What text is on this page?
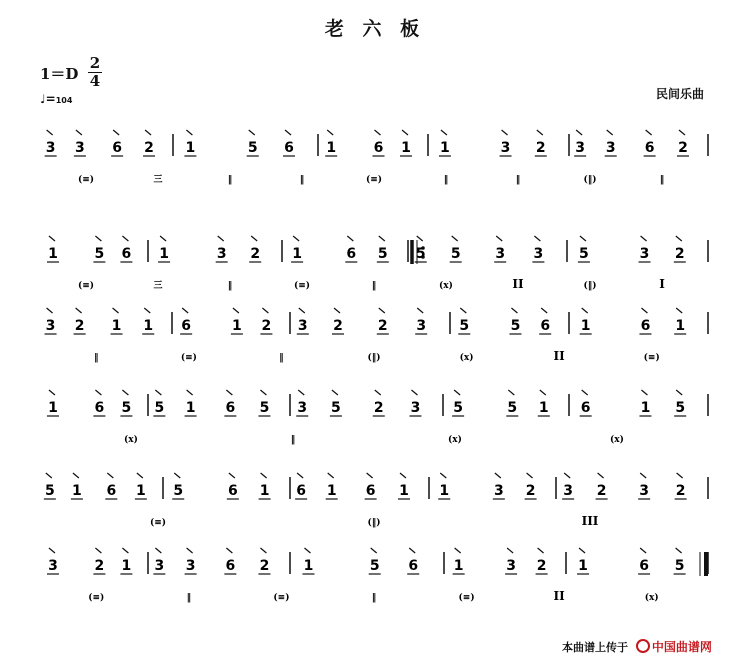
老 六 板
1＝D
2
4
♩=104	民间乐曲
3 3 6 2 1	5 6 1	6 1 1	3 2 3 3 6 2
1	5 6 1	3 2 1	6 5 5 5 3 3	5	3 2
3 2 1 1 6	1 2 3 2	2 3 5	5 6 1	6 1
1	6 5 5 1 6 5 3 5 2 3 5	5 1 6	1 5
5 1 6 1 5	6 1 6 1 6 1 1	3 2 3 2 3 2
3	2 1 3 3 6 2 1	5 6	1	3 2 1	6 5
(≡)	三	‖	‖	(≡)	‖	‖	(‖)	‖
(≡)	三	‖	(≡)	‖	(x)	II	(‖)	I
‖	(≡)	‖	(‖)	(x)	II	(≡)
(x)	‖	(x)	(x)
(≡)	(‖)	III
(≡)	‖	(≡)	‖	(≡)	II	(x)
本曲谱上传于 中国曲谱网
